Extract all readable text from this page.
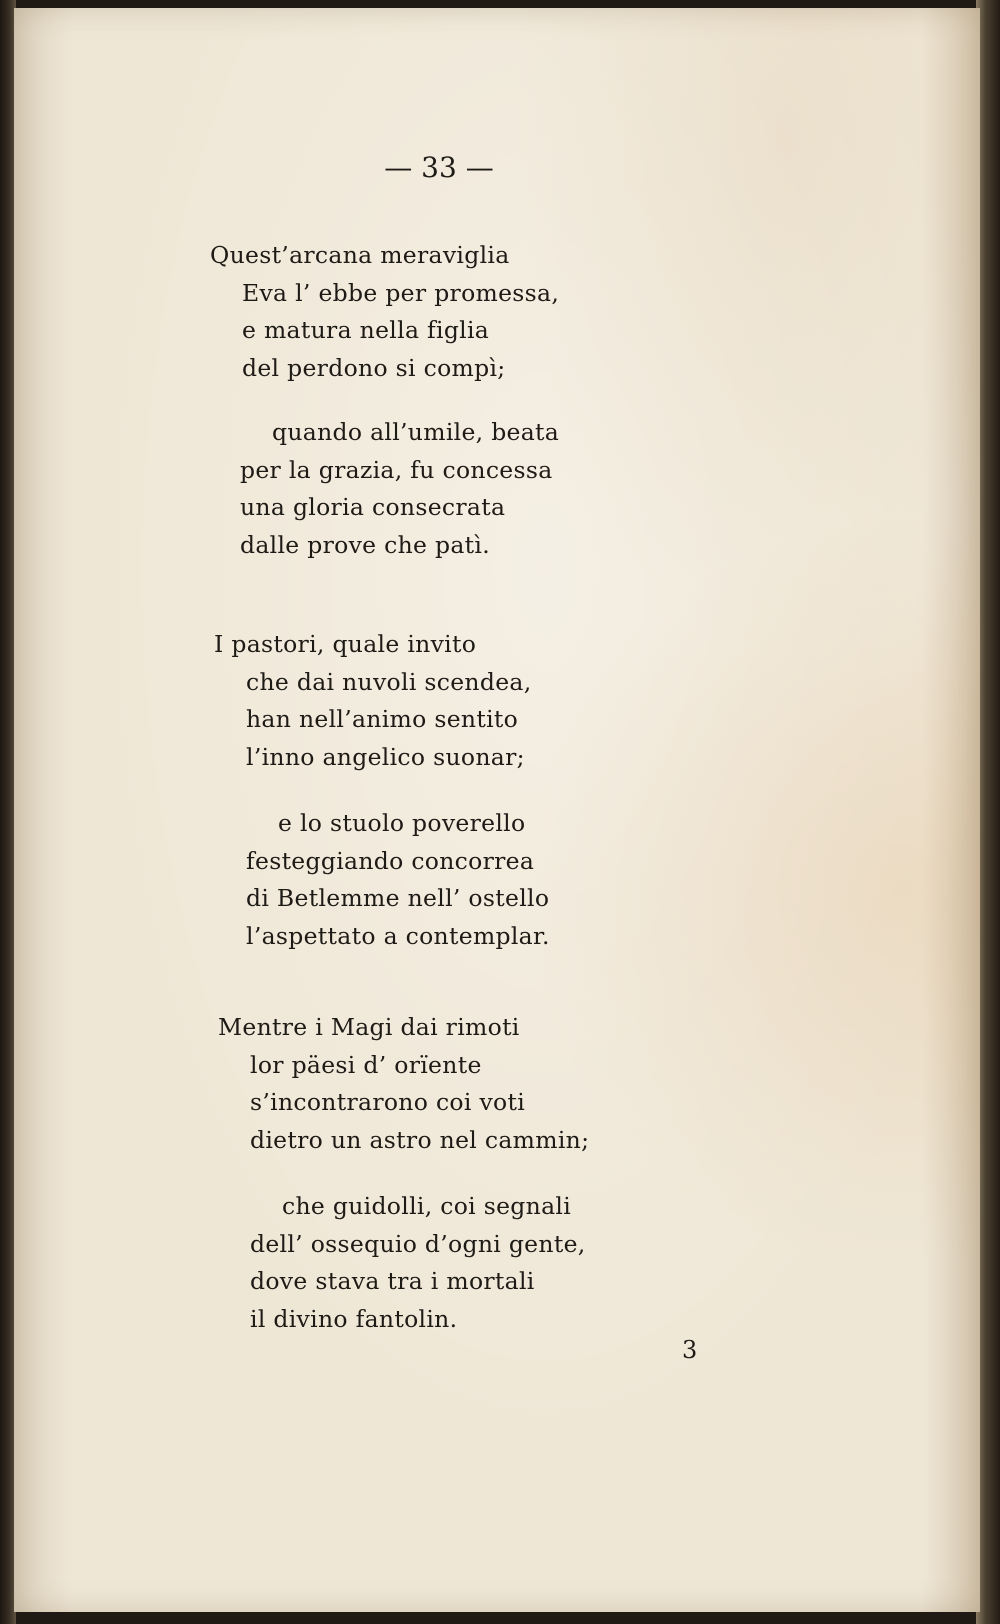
— 33 —
Quest’arcana meraviglia
Eva l’ ebbe per promessa,
e matura nella figlia
del perdono si compì;
quando all’umile, beata
per la grazia, fu concessa
una gloria consecrata
dalle prove che patì.
I pastori, quale invito
che dai nuvoli scendea,
han nell’animo sentito
l’inno angelico suonar;
e lo stuolo poverello
festeggiando concorrea
di Betlemme nell’ ostello
l’aspettato a contemplar.
Mentre i Magi dai rimoti
lor päesi d’ orïente
s’incontrarono coi voti
dietro un astro nel cammin;
che guidolli, coi segnali
dell’ ossequio d’ogni gente,
dove stava tra i mortali
il divino fantolin.
3
